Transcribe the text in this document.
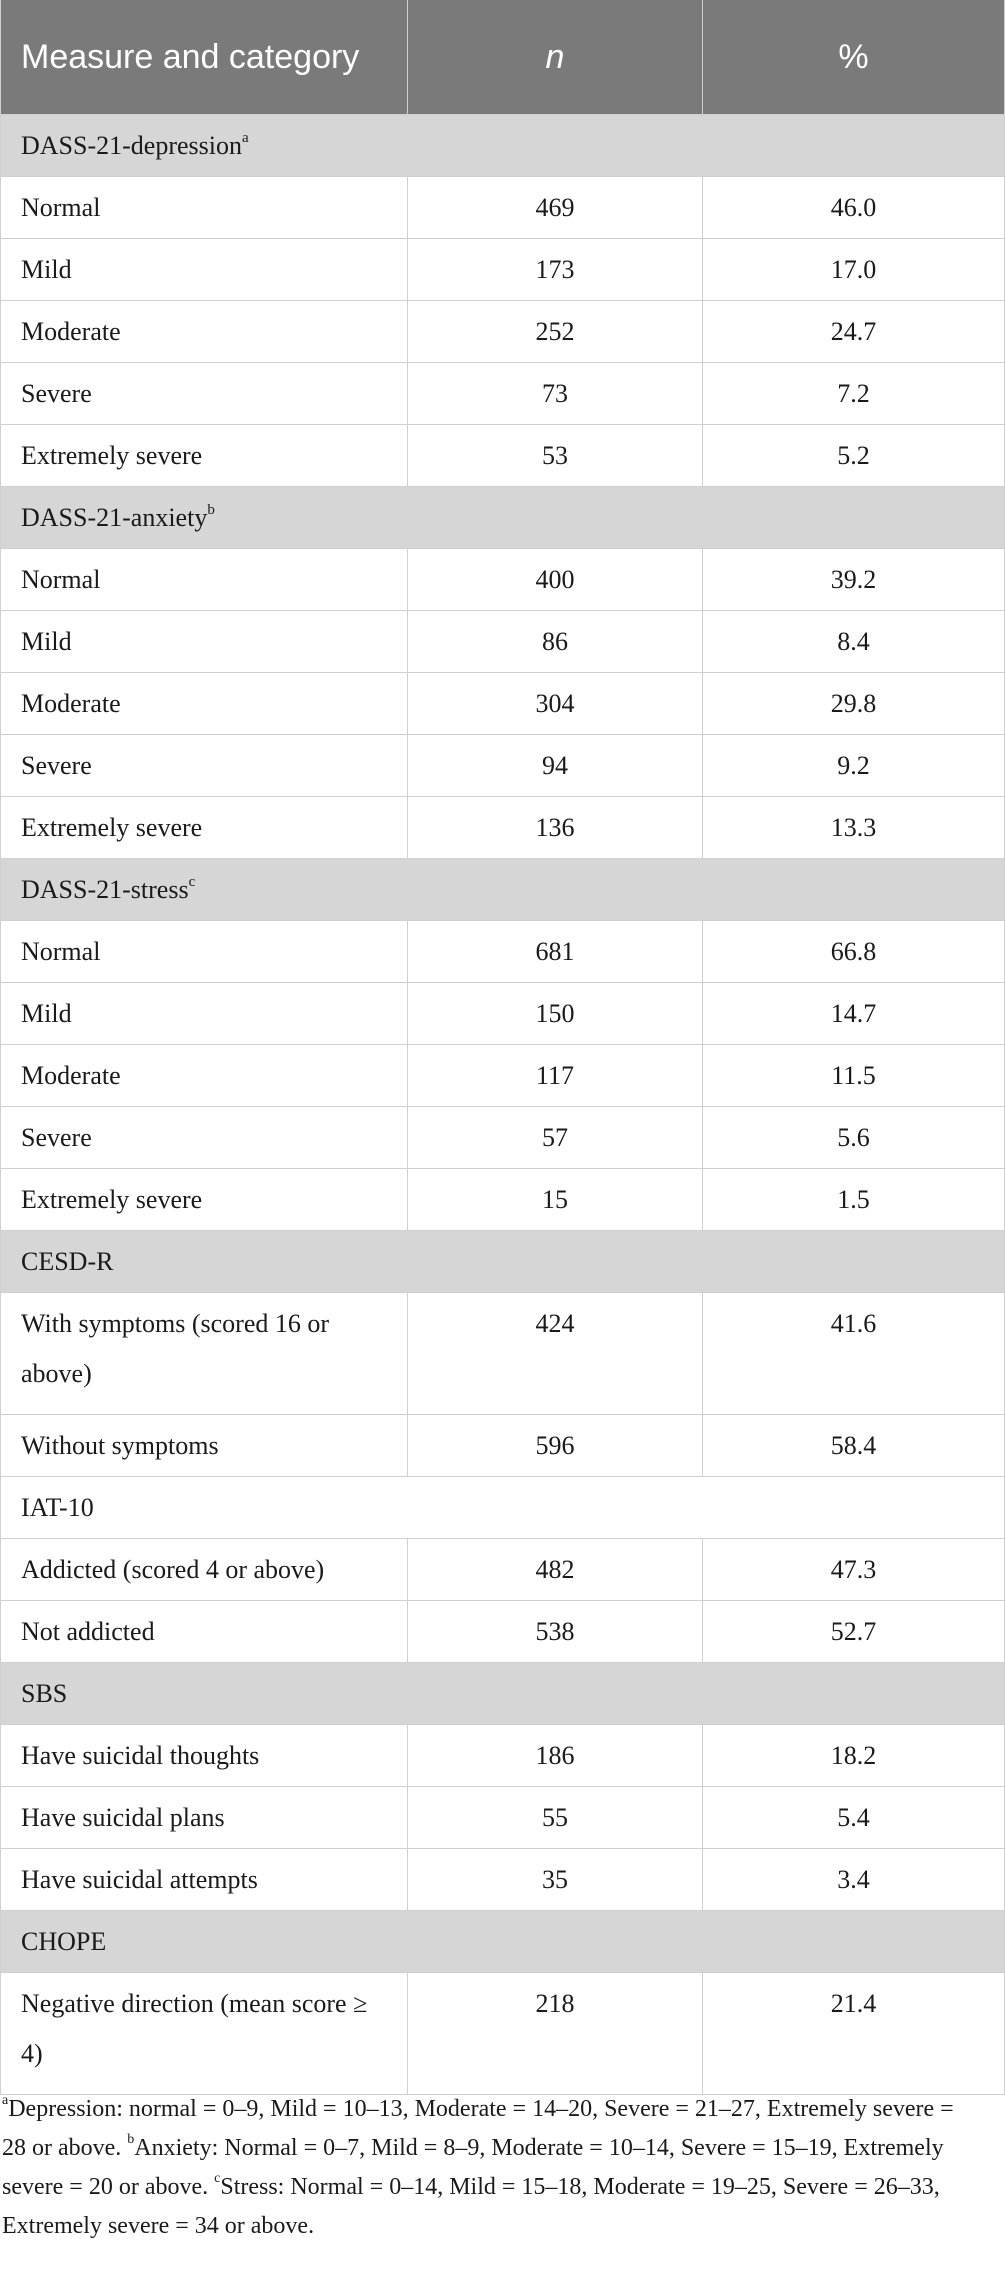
Measure and category	n	%
DASS-21-depression$^a$
Normal	469	46.0
Mild	173	17.0
Moderate	252	24.7
Severe	73	7.2
Extremely severe	53	5.2
DASS-21-anxiety$^b$
Normal	400	39.2
Mild	86	8.4
Moderate	304	29.8
Severe	94	9.2
Extremely severe	136	13.3
DASS-21-stress$^c$
Normal	681	66.8
Mild	150	14.7
Moderate	117	11.5
Severe	57	5.6
Extremely severe	15	1.5
CESD-R		
With symptoms (scored 16 or above)	424	41.6
Without symptoms	596	58.4
IAT-10		
Addicted (scored 4 or above)	482	47.3
Not addicted	538	52.7
SBS		
Have suicidal thoughts	186	18.2
Have suicidal plans	55	5.4
Have suicidal attempts	35	3.4
CHOPE		
Negative direction (mean score ≥ 4)	218	21.4
$^a$Depression: normal = 0–9, Mild = 10–13, Moderate = 14–20, Severe = 21–27, Extremely severe = 28 or above. $^b$Anxiety: Normal = 0–7, Mild = 8–9, Moderate = 10–14, Severe = 15–19, Extremely severe = 20 or above. $^c$Stress: Normal = 0–14, Mild = 15–18, Moderate = 19–25, Severe = 26–33, Extremely severe = 34 or above.
